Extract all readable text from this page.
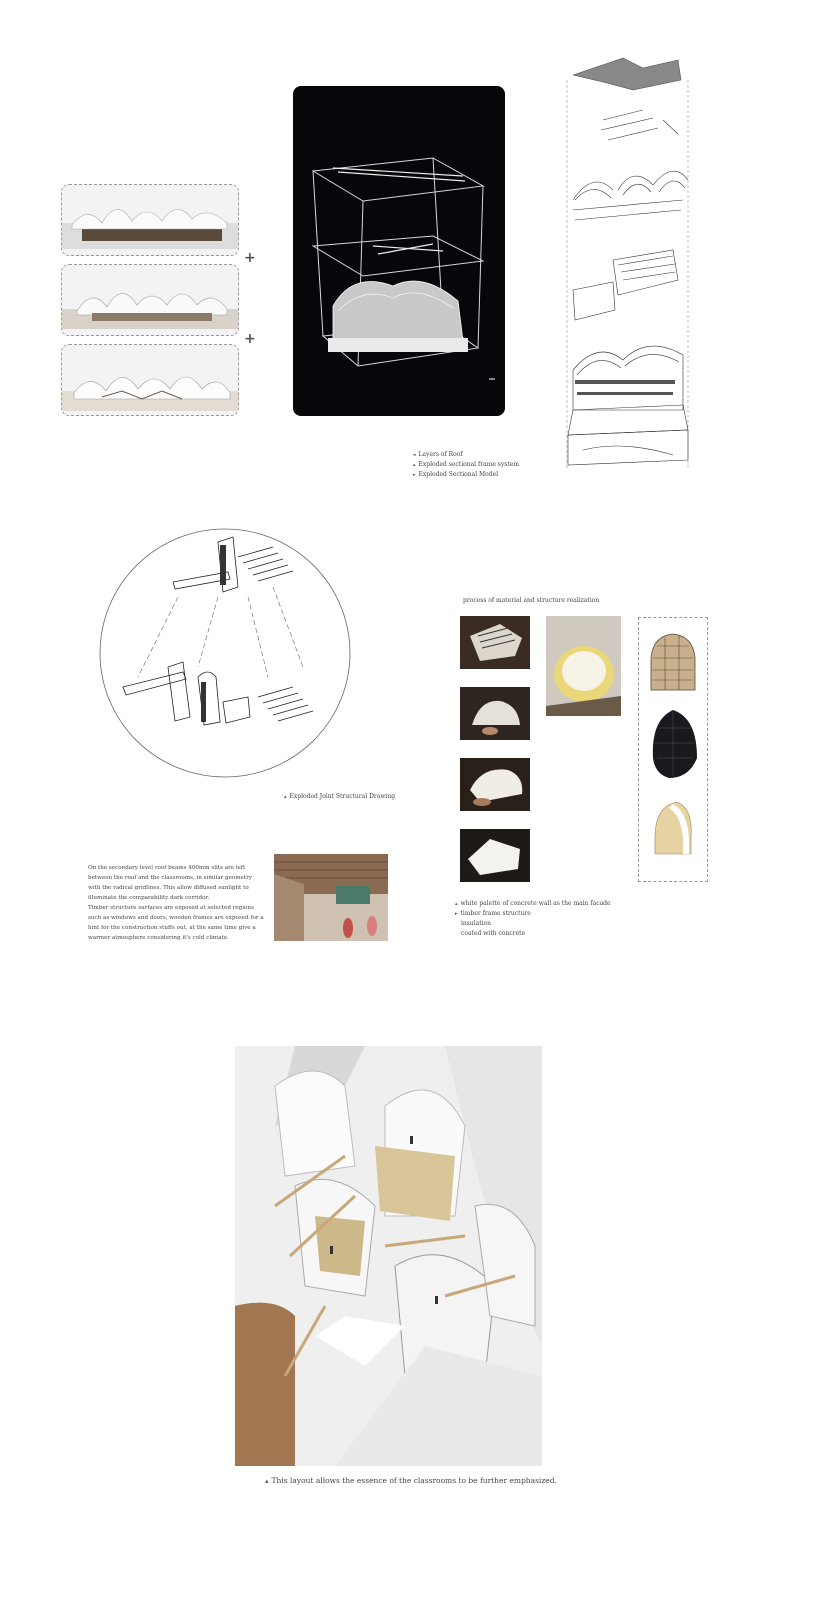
+
+
◂ Layers of Roof
▴ Exploded sectional frame system
▸ Exploded Sectional Model
▴ Exploded Joint Structural Drawing
process of material and structure realization
▴ white palette of concrete wall as the main facade
▸ timber frame structure
insulation
coated with concrete
On the secondary level roof beams 400mm slits are left between the roof and the classrooms, in similar geometry with the radical gridlines. This allow diffused sunlight to illuminate the comparability dark corridor.
Timber structure surfaces are exposed at selected regions such as windows and doors, wooden frames are exposed for a hint for the construction stuffs out, at the same time give a warmer atmosphere considering it's cold climate.
▴ This layout allows the essence of the classrooms to be further emphasized.
